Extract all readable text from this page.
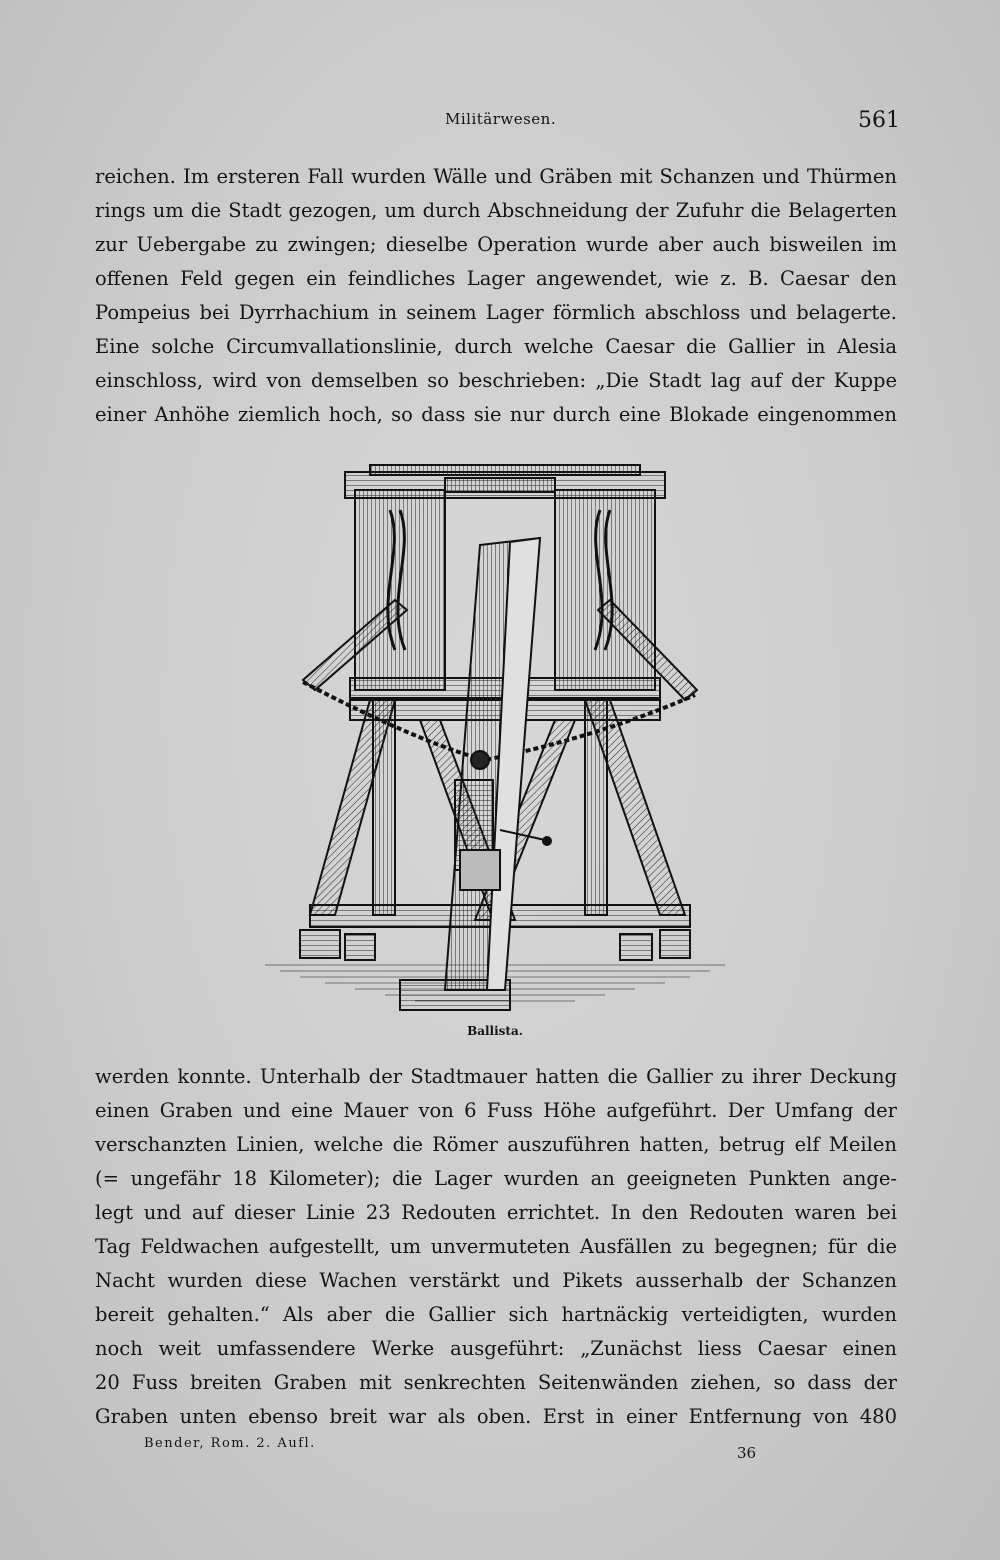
Militärwesen.	561
reichen. Im ersteren Fall wurden Wälle und Gräben mit Schanzen und Thürmen
rings um die Stadt gezogen, um durch Abschneidung der Zufuhr die Belagerten
zur Uebergabe zu zwingen; dieselbe Operation wurde aber auch bisweilen im
offenen Feld gegen ein feindliches Lager angewendet, wie z. B. Caesar den
Pompeius bei Dyrrhachium in seinem Lager förmlich abschloss und belagerte.
Eine solche Circumvallationslinie, durch welche Caesar die Gallier in Alesia
einschloss, wird von demselben so beschrieben: „Die Stadt lag auf der Kuppe
einer Anhöhe ziemlich hoch, so dass sie nur durch eine Blokade eingenommen
Ballista.
werden konnte. Unterhalb der Stadtmauer hatten die Gallier zu ihrer Deckung
einen Graben und eine Mauer von 6 Fuss Höhe aufgeführt. Der Umfang der
verschanzten Linien, welche die Römer auszuführen hatten, betrug elf Meilen
(= ungefähr 18 Kilometer); die Lager wurden an geeigneten Punkten ange-
legt und auf dieser Linie 23 Redouten errichtet. In den Redouten waren bei
Tag Feldwachen aufgestellt, um unvermuteten Ausfällen zu begegnen; für die
Nacht wurden diese Wachen verstärkt und Pikets ausserhalb der Schanzen
bereit gehalten.“ Als aber die Gallier sich hartnäckig verteidigten, wurden
noch weit umfassendere Werke ausgeführt: „Zunächst liess Caesar einen
20 Fuss breiten Graben mit senkrechten Seitenwänden ziehen, so dass der
Graben unten ebenso breit war als oben. Erst in einer Entfernung von 480
Bender, Rom. 2. Aufl.
36
